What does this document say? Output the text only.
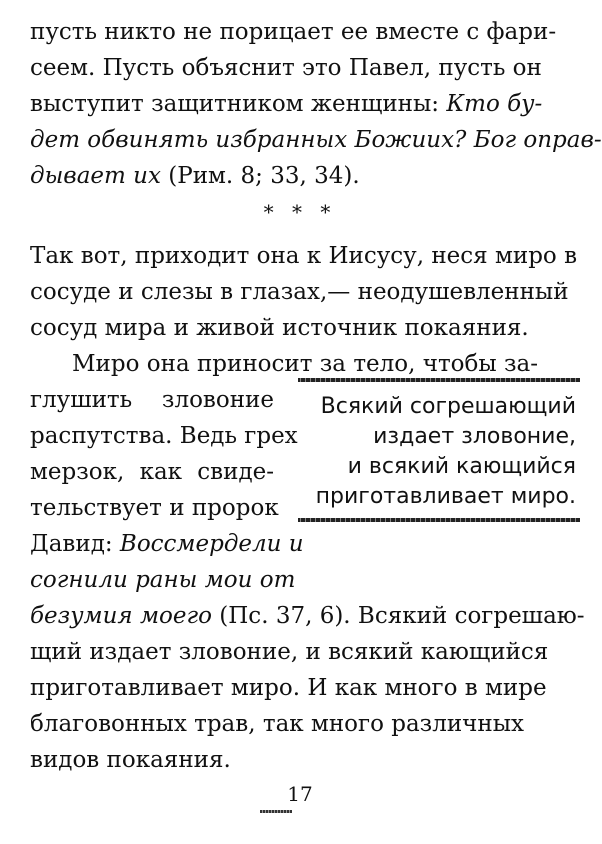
пусть никто не порицает ее вместе с фари-
сеем. Пусть объяснит это Павел, пусть он
выступит защитником женщины: Кто бу-
дет обвинять избранных Божиих? Бог оправ-
дывает их (Рим. 8; 33, 34).
* * *
Так вот, приходит она к Иисусу, неся миро в
сосуде и слезы в глазах,— неодушевленный
сосуд мира и живой источник покаяния.
Миро она приносит за тело, чтобы за-
глушить зловоние
распутства. Ведь грех
мерзок, как свиде-
тельствует и пророк
Давид: Воссмердели и
согнили раны мои от
безумия моего (Пс. 37, 6). Всякий согрешаю-
щий издает зловоние, и всякий кающийся
приготавливает миро. И как много в мире
благовонных трав, так много различных
видов покаяния.
Всякий согрешающий
издает зловоние,
и всякий кающийся
приготавливает миро.
17
